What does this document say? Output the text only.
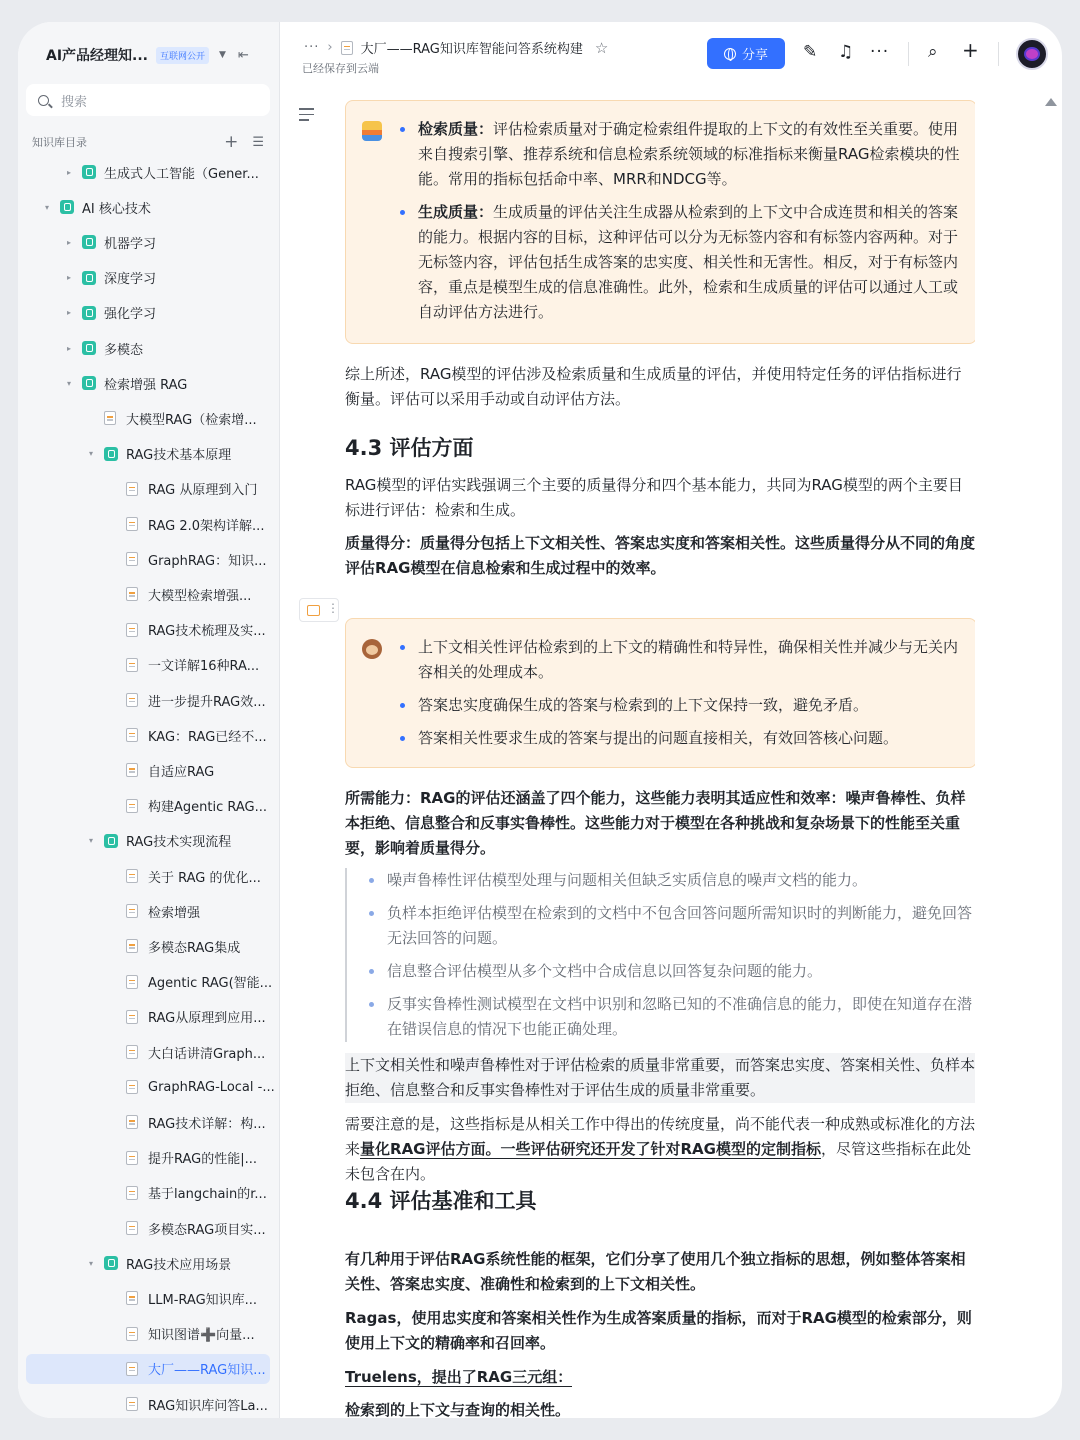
AI产品经理知...	互联网公开	▼ ⇤
搜索
知识库目录	+ ☰
▸	生成式人工智能（Gener...
▾	AI 核心技术
▸	机器学习
▸	深度学习
▸	强化学习
▸	多模态
▾	检索增强 RAG
大模型RAG（检索增...
▾	RAG技术基本原理
RAG 从原理到入门
RAG 2.0架构详解...
GraphRAG：知识...
大模型检索增强...
RAG技术梳理及实...
一文详解16种RA...
进一步提升RAG效...
KAG：RAG已经不...
自适应RAG
构建Agentic RAG...
▾	RAG技术实现流程
关于 RAG 的优化...
检索增强
多模态RAG集成
Agentic RAG(智能...
RAG从原理到应用...
大白话讲清Graph...
GraphRAG-Local -...
RAG技术详解：构...
提升RAG的性能|...
基于langchain的r...
多模态RAG项目实...
▾	RAG技术应用场景
LLM-RAG知识库...
知识图谱➕向量...
大厂——RAG知识...
RAG知识库问答La...
··· › 大厂——RAG知识库智能问答系统构建 ☆
已经保存到云端
分享 ✎ ♫ ··· ⌕ +
⋮
检索质量：评估检索质量对于确定检索组件提取的上下文的有效性至关重要。使用来自搜索引擎、推荐系统和信息检索系统领域的标准指标来衡量RAG检索模块的性能。常用的指标包括命中率、MRR和NDCG等。
生成质量：生成质量的评估关注生成器从检索到的上下文中合成连贯和相关的答案的能力。根据内容的目标，这种评估可以分为无标签内容和有标签内容两种。对于无标签内容，评估包括生成答案的忠实度、相关性和无害性。相反，对于有标签内容，重点是模型生成的信息准确性。此外，检索和生成质量的评估可以通过人工或自动评估方法进行。

综上所述，RAG模型的评估涉及检索质量和生成质量的评估，并使用特定任务的评估指标进行衡量。评估可以采用手动或自动评估方法。

4.3 评估方面

RAG模型的评估实践强调三个主要的质量得分和四个基本能力，共同为RAG模型的两个主要目标进行评估：检索和生成。

质量得分：质量得分包括上下文相关性、答案忠实度和答案相关性。这些质量得分从不同的角度评估RAG模型在信息检索和生成过程中的效率。

上下文相关性评估检索到的上下文的精确性和特异性，确保相关性并减少与无关内容相关的处理成本。
答案忠实度确保生成的答案与检索到的上下文保持一致，避免矛盾。
答案相关性要求生成的答案与提出的问题直接相关，有效回答核心问题。

所需能力：RAG的评估还涵盖了四个能力，这些能力表明其适应性和效率：噪声鲁棒性、负样本拒绝、信息整合和反事实鲁棒性。这些能力对于模型在各种挑战和复杂场景下的性能至关重要，影响着质量得分。

噪声鲁棒性评估模型处理与问题相关但缺乏实质信息的噪声文档的能力。
负样本拒绝评估模型在检索到的文档中不包含回答问题所需知识时的判断能力，避免回答无法回答的问题。
信息整合评估模型从多个文档中合成信息以回答复杂问题的能力。
反事实鲁棒性测试模型在文档中识别和忽略已知的不准确信息的能力，即使在知道存在潜在错误信息的情况下也能正确处理。

上下文相关性和噪声鲁棒性对于评估检索的质量非常重要，而答案忠实度、答案相关性、负样本拒绝、信息整合和反事实鲁棒性对于评估生成的质量非常重要。

需要注意的是，这些指标是从相关工作中得出的传统度量，尚不能代表一种成熟或标准化的方法来量化RAG评估方面。一些评估研究还开发了针对RAG模型的定制指标，尽管这些指标在此处未包含在内。

4.4 评估基准和工具

有几种用于评估RAG系统性能的框架，它们分享了使用几个独立指标的思想，例如整体答案相关性、答案忠实度、准确性和检索到的上下文相关性。

Ragas，使用忠实度和答案相关性作为生成答案质量的指标，而对于RAG模型的检索部分，则使用上下文的精确率和召回率。

Truelens，提出了RAG三元组：

检索到的上下文与查询的相关性。
